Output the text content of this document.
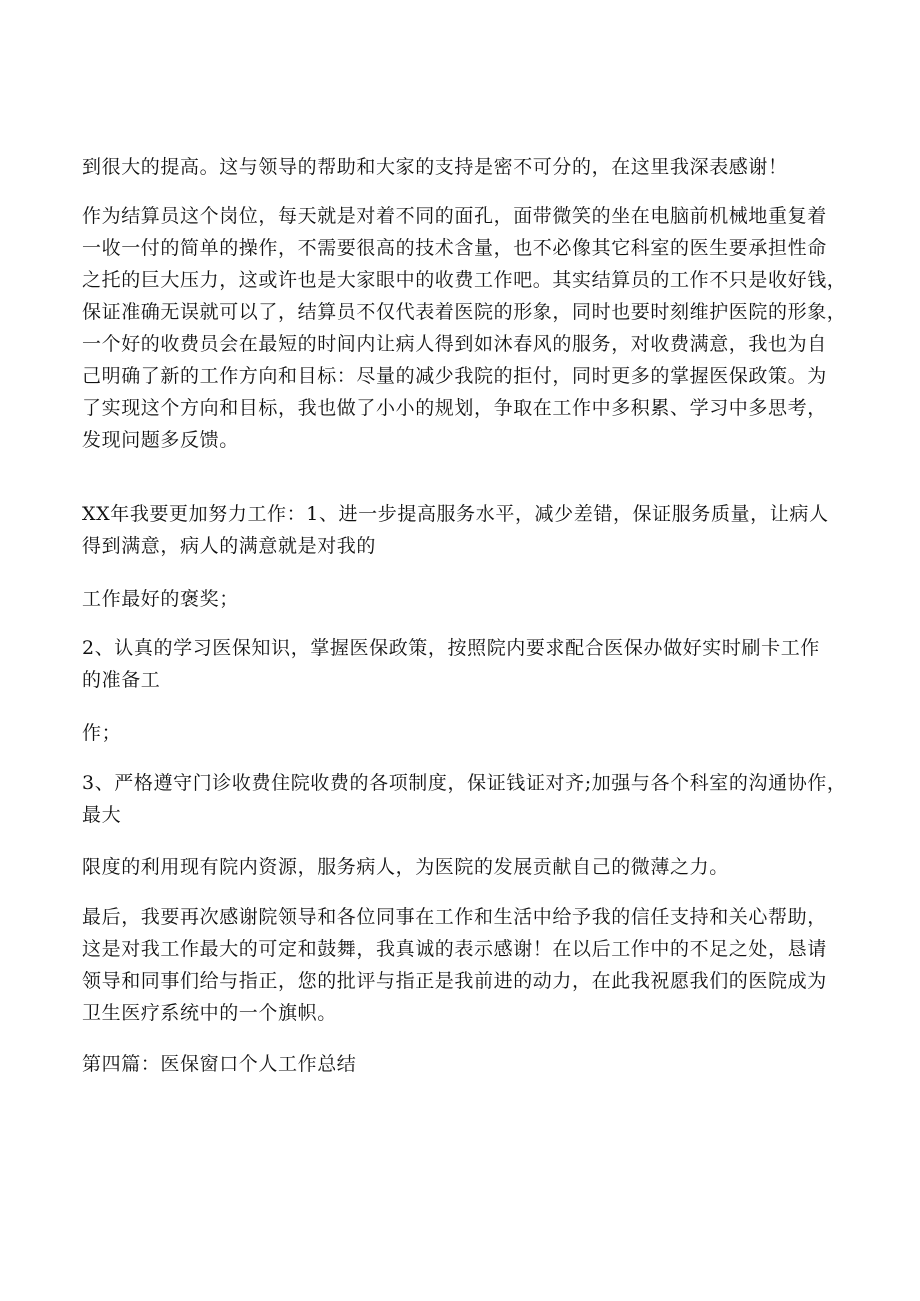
到很大的提高。这与领导的帮助和大家的支持是密不可分的，在这里我深表感谢！
作为结算员这个岗位，每天就是对着不同的面孔，面带微笑的坐在电脑前机械地重复着
一收一付的简单的操作，不需要很高的技术含量，也不必像其它科室的医生要承担性命
之托的巨大压力，这或许也是大家眼中的收费工作吧。其实结算员的工作不只是收好钱，
保证准确无误就可以了，结算员不仅代表着医院的形象，同时也要时刻维护医院的形象，
一个好的收费员会在最短的时间内让病人得到如沐春风的服务，对收费满意，我也为自
己明确了新的工作方向和目标：尽量的减少我院的拒付，同时更多的掌握医保政策。为
了实现这个方向和目标，我也做了小小的规划，争取在工作中多积累、学习中多思考，
发现问题多反馈。
XX年我要更加努力工作：1、进一步提高服务水平，减少差错，保证服务质量，让病人
得到满意，病人的满意就是对我的
工作最好的褒奖；
2、认真的学习医保知识，掌握医保政策，按照院内要求配合医保办做好实时刷卡工作
的准备工
作；
3、严格遵守门诊收费住院收费的各项制度，保证钱证对齐;加强与各个科室的沟通协作，
最大
限度的利用现有院内资源，服务病人，为医院的发展贡献自己的微薄之力。
最后，我要再次感谢院领导和各位同事在工作和生活中给予我的信任支持和关心帮助，
这是对我工作最大的可定和鼓舞，我真诚的表示感谢！在以后工作中的不足之处，恳请
领导和同事们给与指正，您的批评与指正是我前进的动力，在此我祝愿我们的医院成为
卫生医疗系统中的一个旗帜。
第四篇：医保窗口个人工作总结
